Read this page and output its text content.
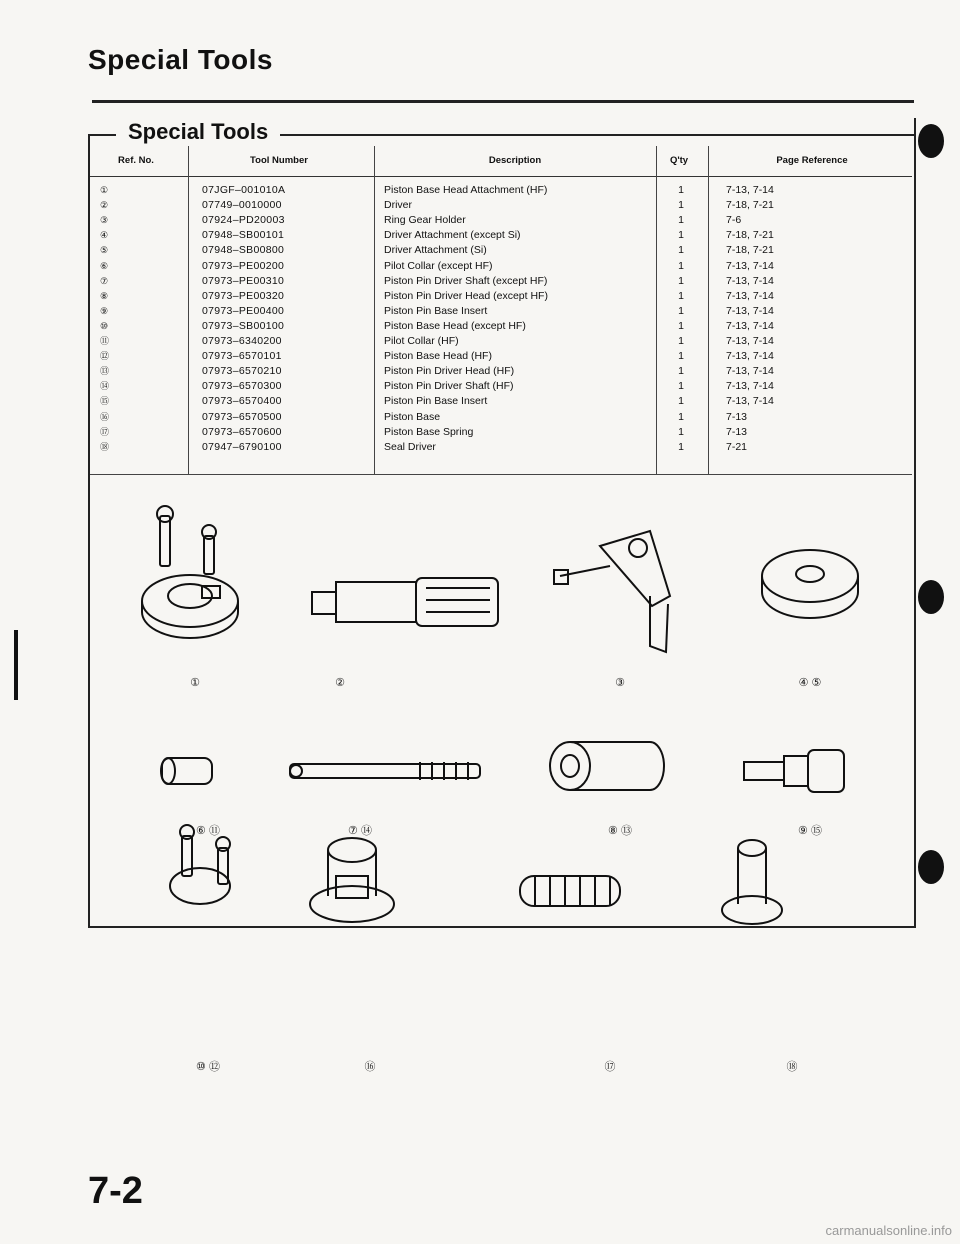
Special Tools
Special Tools
Ref. No.	Tool Number	Description	Q'ty	Page Reference
①	07JGF–001010A	Piston Base Head Attachment (HF)	1	7-13, 7-14
②	07749–0010000	Driver	1	7-18, 7-21
③	07924–PD20003	Ring Gear Holder	1	7-6
④	07948–SB00101	Driver Attachment (except Si)	1	7-18, 7-21
⑤	07948–SB00800	Driver Attachment (Si)	1	7-18, 7-21
⑥	07973–PE00200	Pilot Collar (except HF)	1	7-13, 7-14
⑦	07973–PE00310	Piston Pin Driver Shaft (except HF)	1	7-13, 7-14
⑧	07973–PE00320	Piston Pin Driver Head (except HF)	1	7-13, 7-14
⑨	07973–PE00400	Piston Pin Base Insert	1	7-13, 7-14
⑩	07973–SB00100	Piston Base Head (except HF)	1	7-13, 7-14
⑪	07973–6340200	Pilot Collar (HF)	1	7-13, 7-14
⑫	07973–6570101	Piston Base Head (HF)	1	7-13, 7-14
⑬	07973–6570210	Piston Pin Driver Head (HF)	1	7-13, 7-14
⑭	07973–6570300	Piston Pin Driver Shaft (HF)	1	7-13, 7-14
⑮	07973–6570400	Piston Pin Base Insert	1	7-13, 7-14
⑯	07973–6570500	Piston Base	1	7-13
⑰	07973–6570600	Piston Base Spring	1	7-13
⑱	07947–6790100	Seal Driver	1	7-21
①	②	③	④ ⑤
⑥ ⑪	⑦ ⑭	⑧ ⑬	⑨ ⑮
⑩ ⑫	⑯	⑰	⑱
7-2
carmanualsonline.info
